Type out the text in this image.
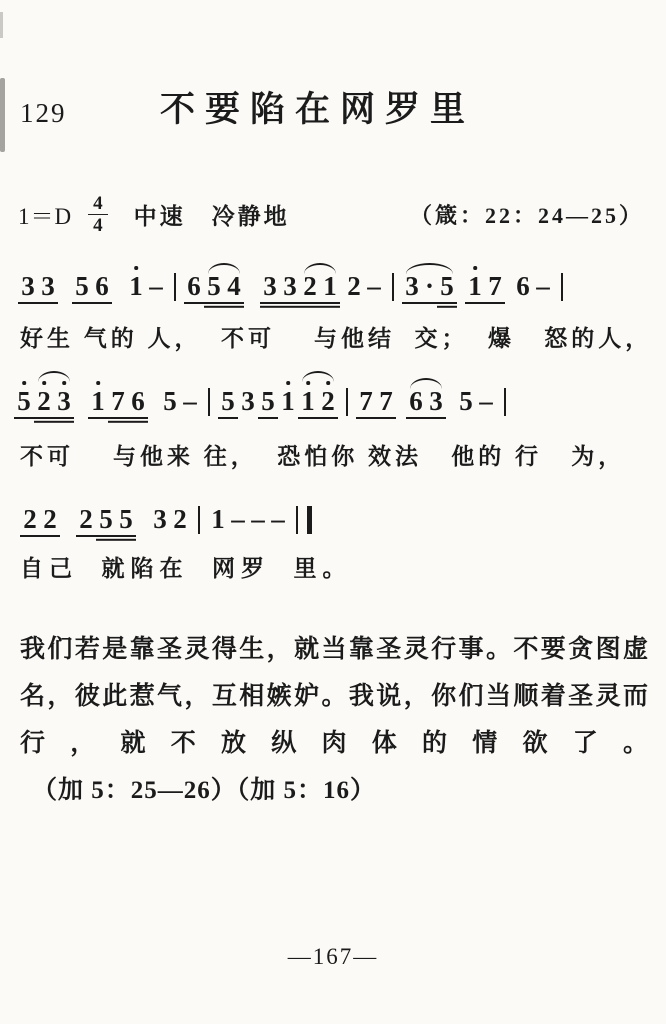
129	不要陷在网罗里
$1=D \frac{4}{4}$ 中速 冷静地	（箴：22：24—25）
3 3 5 6 1 – 6 5 4 3 3 2 1 2 – 3 · 5 1 7 6 –
好生 气的 人，  不可    与他结  交；  爆   怒的人，
5 2 3 1 7 6 5 – 5 3 5 1 1 2 7 7 6 3 5 –
不可    与他来 往，  恐怕你 效法   他的 行   为，
2 2 2 5 5 3 2 1 – – –
自己  就陷在  网罗  里。

我们若是靠圣灵得生，就当靠圣灵行事。不要贪图虚名，彼此惹气，互相嫉妒。我说，你们当顺着圣灵而行，就不放纵肉体的情欲了。 （加 5：25—26）（加 5：16）

—167—
